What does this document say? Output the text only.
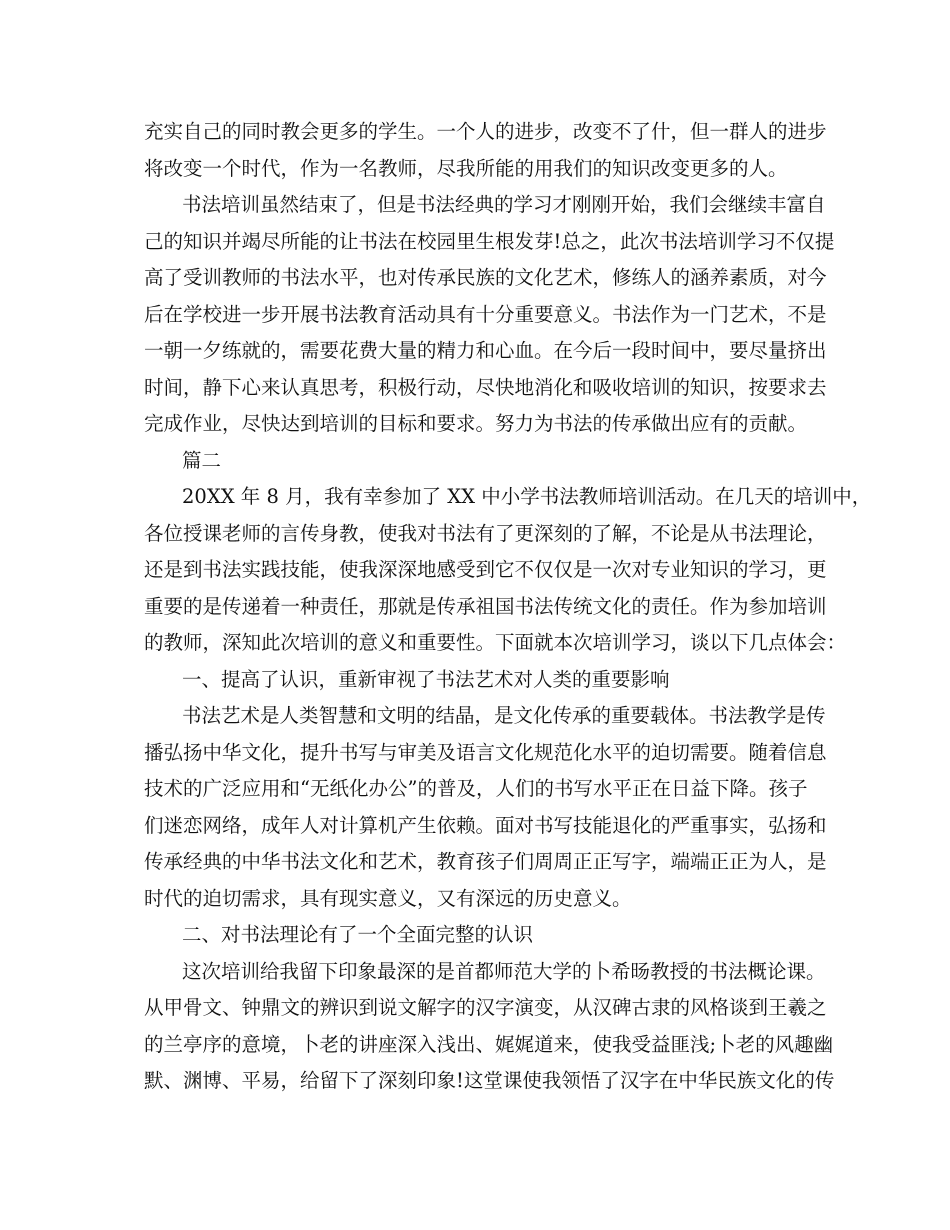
充实自己的同时教会更多的学生。一个人的进步，改变不了什，但一群人的进步
将改变一个时代，作为一名教师，尽我所能的用我们的知识改变更多的人。
书法培训虽然结束了，但是书法经典的学习才刚刚开始，我们会继续丰富自
己的知识并竭尽所能的让书法在校园里生根发芽!总之，此次书法培训学习不仅提
高了受训教师的书法水平，也对传承民族的文化艺术，修练人的涵养素质，对今
后在学校进一步开展书法教育活动具有十分重要意义。书法作为一门艺术，不是
一朝一夕练就的，需要花费大量的精力和心血。在今后一段时间中，要尽量挤出
时间，静下心来认真思考，积极行动，尽快地消化和吸收培训的知识，按要求去
完成作业，尽快达到培训的目标和要求。努力为书法的传承做出应有的贡献。
篇二
20XX 年 8 月，我有幸参加了 XX 中小学书法教师培训活动。在几天的培训中，
各位授课老师的言传身教，使我对书法有了更深刻的了解，不论是从书法理论，
还是到书法实践技能，使我深深地感受到它不仅仅是一次对专业知识的学习，更
重要的是传递着一种责任，那就是传承祖国书法传统文化的责任。作为参加培训
的教师，深知此次培训的意义和重要性。下面就本次培训学习，谈以下几点体会：
一、提高了认识，重新审视了书法艺术对人类的重要影响
书法艺术是人类智慧和文明的结晶，是文化传承的重要载体。书法教学是传
播弘扬中华文化，提升书写与审美及语言文化规范化水平的迫切需要。随着信息
技术的广泛应用和“无纸化办公”的普及，人们的书写水平正在日益下降。孩子
们迷恋网络，成年人对计算机产生依赖。面对书写技能退化的严重事实，弘扬和
传承经典的中华书法文化和艺术，教育孩子们周周正正写字，端端正正为人，是
时代的迫切需求，具有现实意义，又有深远的历史意义。
二、对书法理论有了一个全面完整的认识
这次培训给我留下印象最深的是首都师范大学的卜希旸教授的书法概论课。
从甲骨文、钟鼎文的辨识到说文解字的汉字演变，从汉碑古隶的风格谈到王羲之
的兰亭序的意境，卜老的讲座深入浅出、娓娓道来，使我受益匪浅;卜老的风趣幽
默、渊博、平易，给留下了深刻印象!这堂课使我领悟了汉字在中华民族文化的传
